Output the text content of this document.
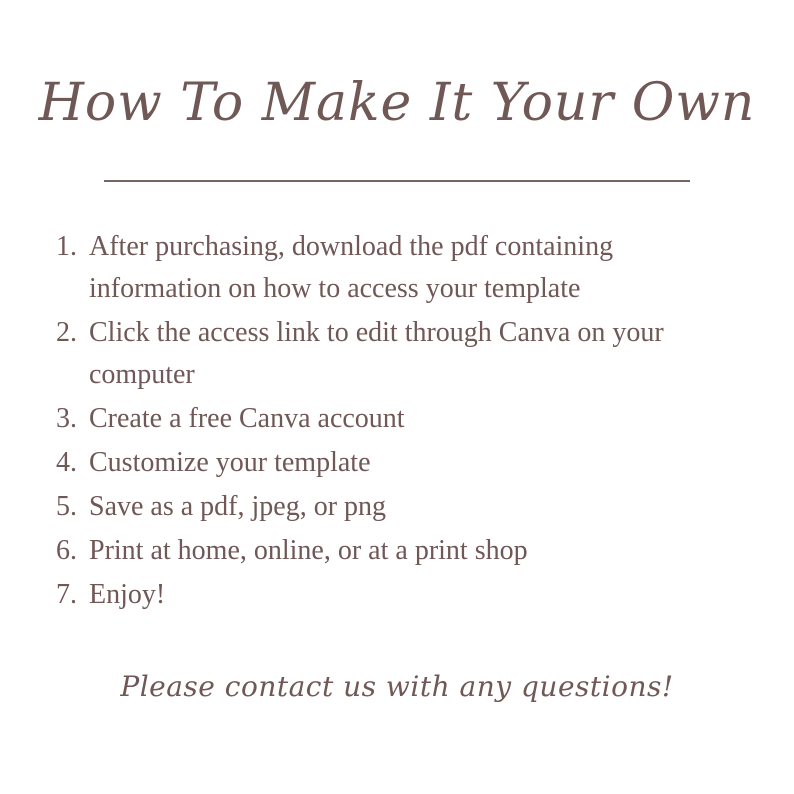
How To Make It Your Own
1. After purchasing, download the pdf containing
information on how to access your template
2. Click the access link to edit through Canva on your
computer
3. Create a free Canva account
4. Customize your template
5. Save as a pdf, jpeg, or png
6. Print at home, online, or at a print shop
7. Enjoy!
Please contact us with any questions!
